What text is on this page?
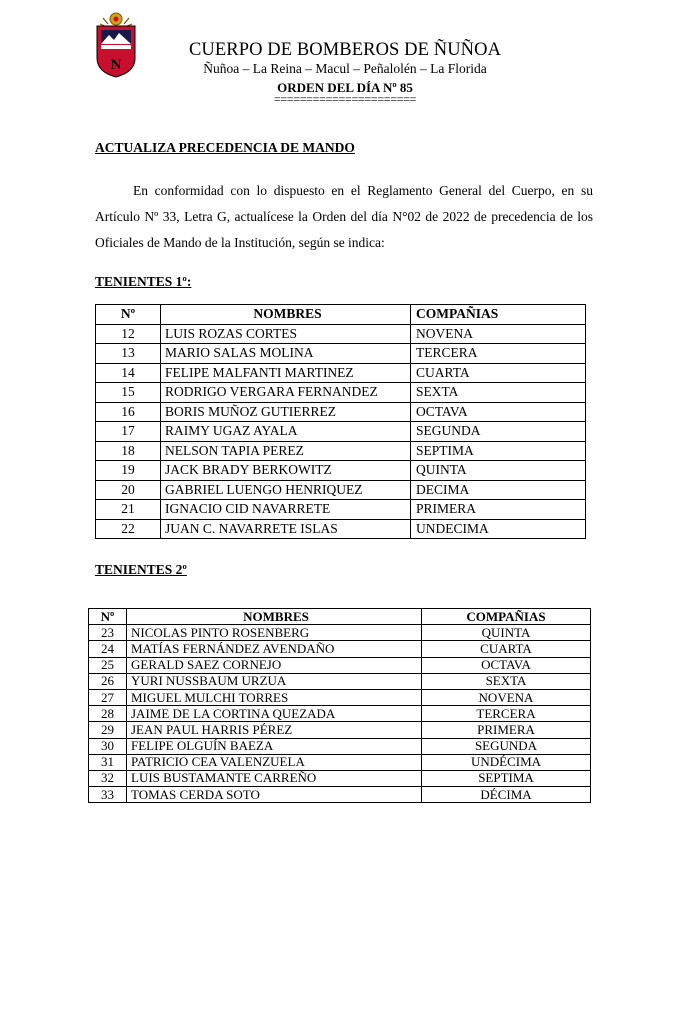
N
CUERPO DE BOMBEROS DE ÑUÑOA
Ñuñoa – La Reina – Macul – Peñalolén – La Florida
ORDEN DEL DÍA Nº 85
======================
ACTUALIZA PRECEDENCIA DE MANDO

En conformidad con lo dispuesto en el Reglamento General del Cuerpo, en su Artículo Nº 33, Letra G, actualícese la Orden del día N°02 de 2022 de precedencia de los Oficiales de Mando de la Institución, según se indica:

TENIENTES 1º:
Nº	NOMBRES	COMPAÑIAS
12	LUIS ROZAS CORTES	NOVENA
13	MARIO SALAS MOLINA	TERCERA
14	FELIPE MALFANTI MARTINEZ	CUARTA
15	RODRIGO VERGARA FERNANDEZ	SEXTA
16	BORIS MUÑOZ GUTIERREZ	OCTAVA
17	RAIMY UGAZ AYALA	SEGUNDA
18	NELSON TAPIA PEREZ	SEPTIMA
19	JACK BRADY BERKOWITZ	QUINTA
20	GABRIEL LUENGO HENRIQUEZ	DECIMA
21	IGNACIO CID NAVARRETE	PRIMERA
22	JUAN C. NAVARRETE ISLAS	UNDECIMA
TENIENTES 2º
Nº	NOMBRES	COMPAÑIAS
23	NICOLAS PINTO ROSENBERG	QUINTA
24	MATÍAS FERNÁNDEZ AVENDAÑO	CUARTA
25	GERALD SAEZ CORNEJO	OCTAVA
26	YURI NUSSBAUM URZUA	SEXTA
27	MIGUEL MULCHI TORRES	NOVENA
28	JAIME DE LA CORTINA QUEZADA	TERCERA
29	JEAN PAUL HARRIS PÉREZ	PRIMERA
30	FELIPE OLGUÍN BAEZA	SEGUNDA
31	PATRICIO CEA VALENZUELA	UNDÉCIMA
32	LUIS BUSTAMANTE CARREÑO	SEPTIMA
33	TOMAS CERDA SOTO	DÉCIMA
